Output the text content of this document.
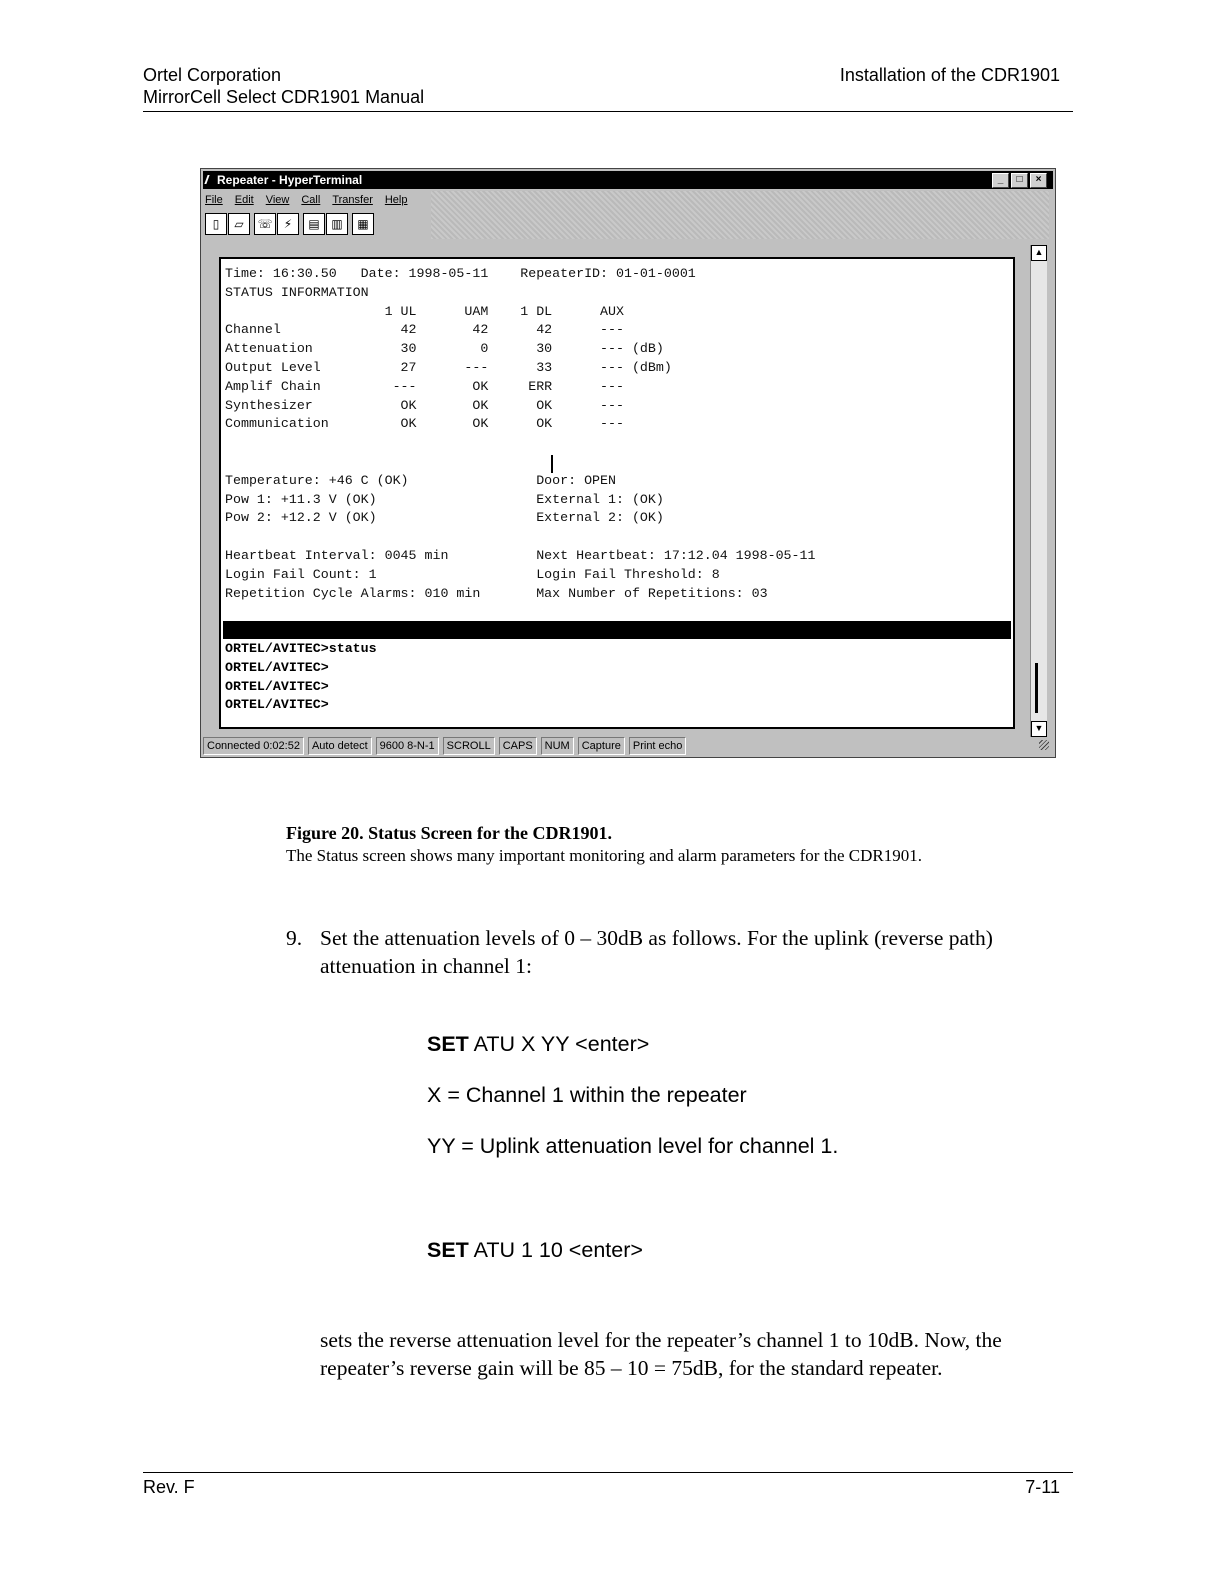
Ortel Corporation
MirrorCell Select CDR1901 Manual
Installation of the CDR1901
Repeater - HyperTerminal	_	□	×
File Edit View Call Transfer Help
▯	▱	☏ ⚡	▤ ▥	▦
Time: 16:30.50   Date: 1998-05-11    RepeaterID: 01-01-0001
STATUS INFORMATION
1 UL      UAM    1 DL      AUX
Channel               42       42      42      ---
Attenuation           30        0      30      --- (dB)
Output Level          27      ---      33      --- (dBm)
Amplif Chain         ---       OK     ERR      ---
Synthesizer           OK       OK      OK      ---
Communication         OK       OK      OK      ---

Temperature: +46 C (OK)                Door: OPEN
Pow 1: +11.3 V (OK)                    External 1: (OK)
Pow 2: +12.2 V (OK)                    External 2: (OK)

Heartbeat Interval: 0045 min           Next Heartbeat: 17:12.04 1998-05-11
Login Fail Count: 1                    Login Fail Threshold: 8
Repetition Cycle Alarms: 010 min       Max Number of Repetitions: 03
ORTEL/AVITEC>status
ORTEL/AVITEC>
ORTEL/AVITEC>
ORTEL/AVITEC>
▲
▼
Connected 0:02:52	Auto detect	9600 8-N-1	SCROLL	CAPS	NUM	Capture	Print echo
Figure 20. Status Screen for the CDR1901.
The Status screen shows many important monitoring and alarm parameters for the CDR1901.
9. Set the attenuation levels of 0 – 30dB as follows. For the uplink (reverse path) attenuation in channel 1:
SET ATU X YY <enter>
X = Channel 1 within the repeater
YY = Uplink attenuation level for channel 1.
SET ATU 1 10 <enter>
sets the reverse attenuation level for the repeater’s channel 1 to 10dB. Now, the repeater’s reverse gain will be 85 – 10 = 75dB, for the standard repeater.
Rev. F	7-11
